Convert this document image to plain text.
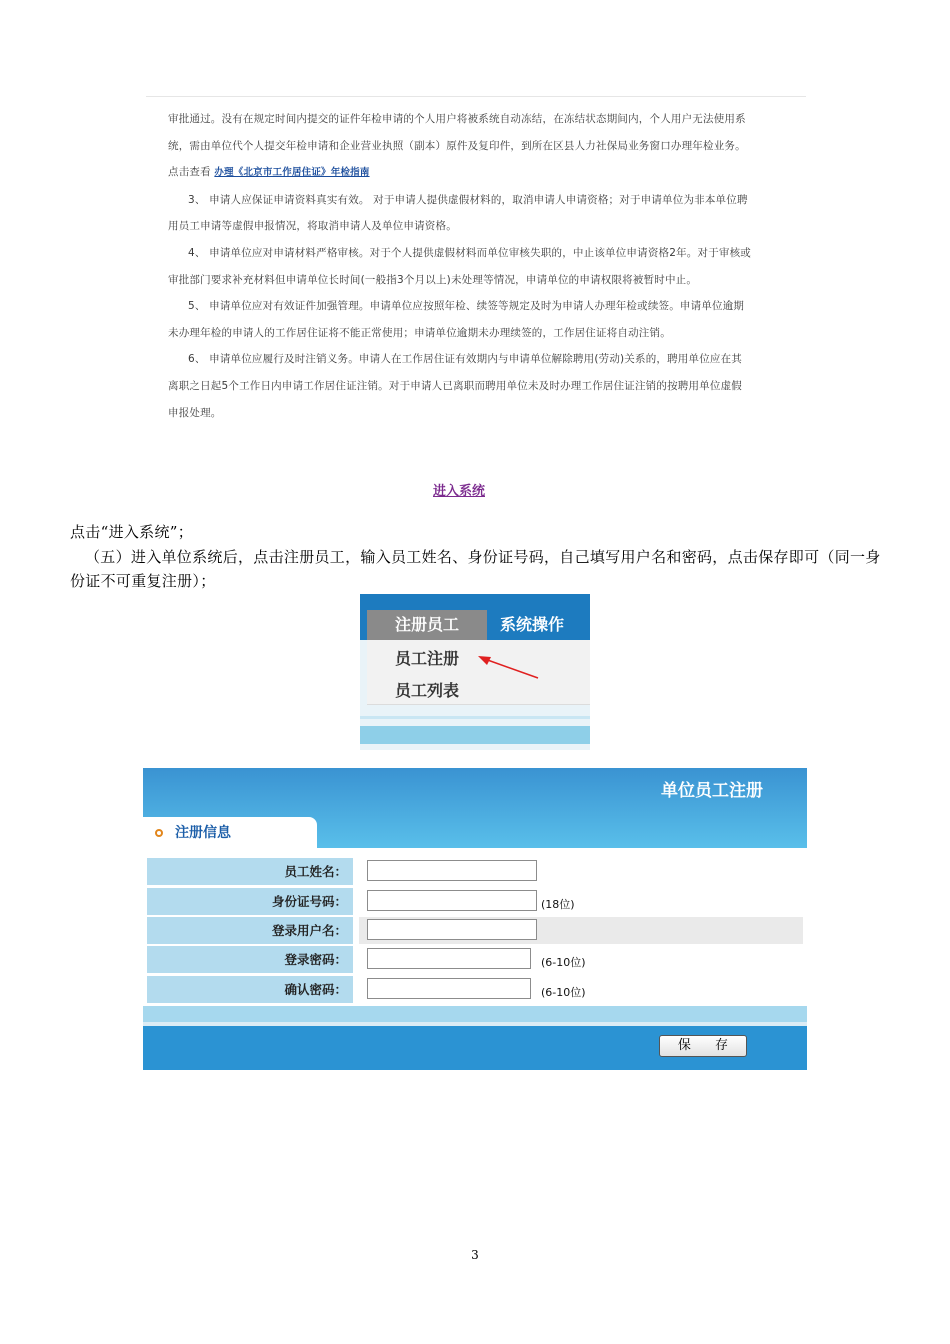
审批通过。没有在规定时间内提交的证件年检申请的个人用户将被系统自动冻结，在冻结状态期间内，个人用户无法使用系统，需由单位代个人提交年检申请和企业营业执照（副本）原件及复印件，到所在区县人力社保局业务窗口办理年检业务。点击查看 办理《北京市工作居住证》年检指南

3、 申请人应保证申请资料真实有效。 对于申请人提供虚假材料的，取消申请人申请资格；对于申请单位为非本单位聘用员工申请等虚假申报情况，将取消申请人及单位申请资格。

4、 申请单位应对申请材料严格审核。对于个人提供虚假材料而单位审核失职的，中止该单位申请资格2年。对于审核或审批部门要求补充材料但申请单位长时间(一般指3个月以上)未处理等情况，申请单位的申请权限将被暂时中止。

5、 申请单位应对有效证件加强管理。申请单位应按照年检、续签等规定及时为申请人办理年检或续签。申请单位逾期未办理年检的申请人的工作居住证将不能正常使用；申请单位逾期未办理续签的，工作居住证将自动注销。

6、 申请单位应履行及时注销义务。申请人在工作居住证有效期内与申请单位解除聘用(劳动)关系的，聘用单位应在其离职之日起5个工作日内申请工作居住证注销。对于申请人已离职而聘用单位未及时办理工作居住证注销的按聘用单位虚假申报处理。

进入系统
点击“进入系统”；
（五）进入单位系统后，点击注册员工，输入员工姓名、身份证号码，自己填写用户名和密码，点击保存即可（同一身份证不可重复注册）；
注册员工	系统操作
员工注册
员工列表
单位员工注册
注册信息
员工姓名：
身份证号码：	(18位)
登录用户名：
登录密码：	(6-10位)
确认密码：	(6-10位)
保 存
3
